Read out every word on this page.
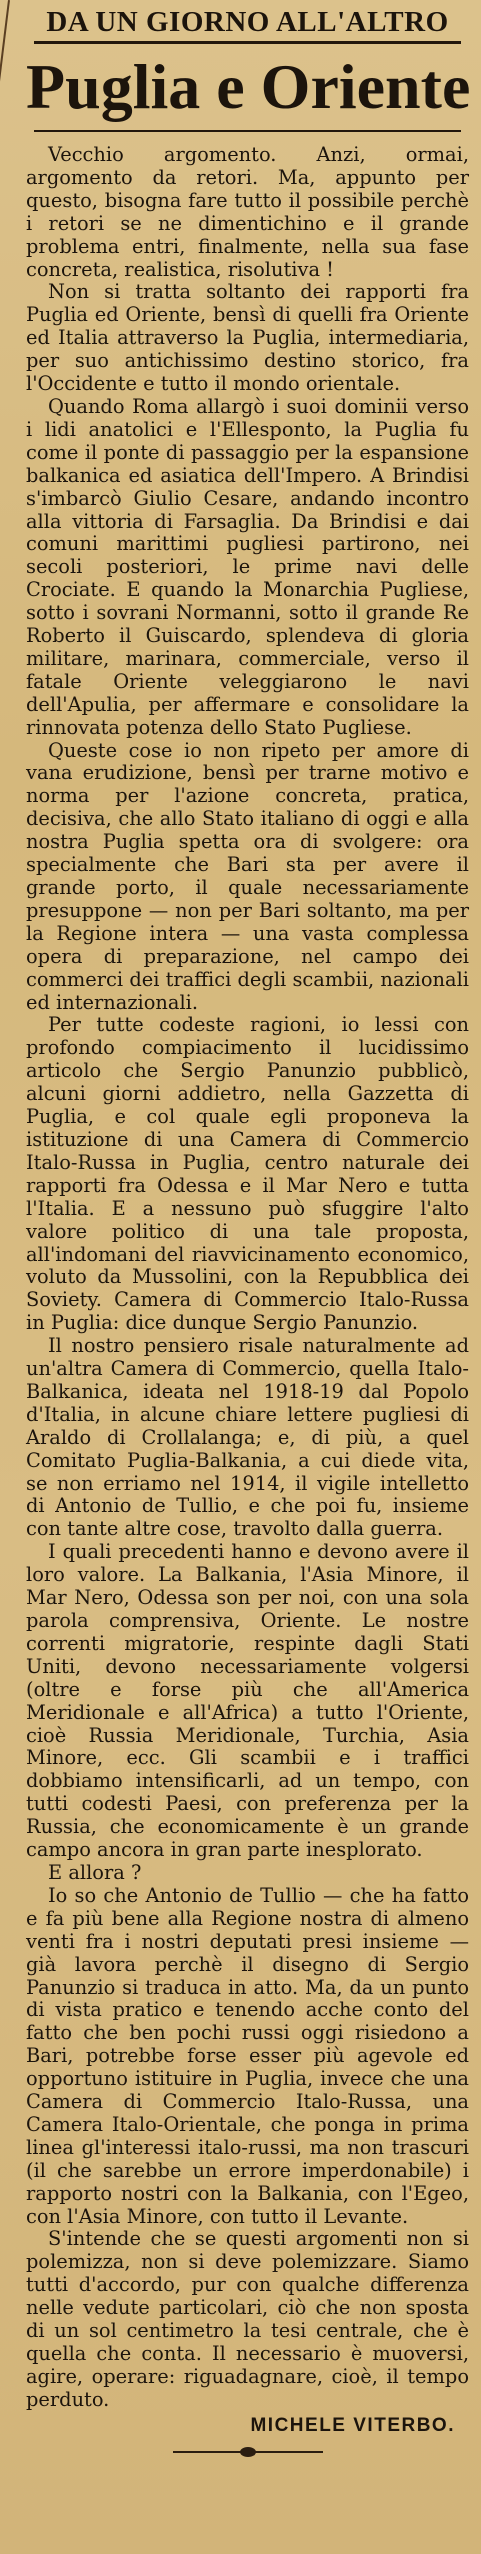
DA UN GIORNO ALL'ALTRO
Puglia e Oriente

Vecchio argomento. Anzi, ormai, argomento da retori. Ma, appunto per questo, bisogna fare tutto il possibile perchè i retori se ne dimentichino e il grande problema entri, finalmente, nella sua fase concreta, realistica, risolutiva !

Non si tratta soltanto dei rapporti fra Puglia ed Oriente, bensì di quelli fra Oriente ed Italia attraverso la Puglia, intermediaria, per suo antichissimo destino storico, fra l'Occidente e tutto il mondo orientale.

Quando Roma allargò i suoi dominii verso i lidi anatolici e l'Ellesponto, la Puglia fu come il ponte di passaggio per la espansione balkanica ed asiatica dell'Impero. A Brindisi s'imbarcò Giulio Cesare, andando incontro alla vittoria di Farsaglia. Da Brindisi e dai comuni marittimi pugliesi partirono, nei secoli posteriori, le prime navi delle Crociate. E quando la Monarchia Pugliese, sotto i sovrani Normanni, sotto il grande Re Roberto il Guiscardo, splendeva di gloria militare, marinara, commerciale, verso il fatale Oriente veleggiarono le navi dell'Apulia, per affermare e consolidare la rinnovata potenza dello Stato Pugliese.

Queste cose io non ripeto per amore di vana erudizione, bensì per trarne motivo e norma per l'azione concreta, pratica, decisiva, che allo Stato italiano di oggi e alla nostra Puglia spetta ora di svolgere: ora specialmente che Bari sta per avere il grande porto, il quale necessariamente presuppone — non per Bari soltanto, ma per la Regione intera — una vasta complessa opera di preparazione, nel campo dei commerci dei traffici degli scambii, nazionali ed internazionali.

Per tutte codeste ragioni, io lessi con profondo compiacimento il lucidissimo articolo che Sergio Panunzio pubblicò, alcuni giorni addietro, nella Gazzetta di Puglia, e col quale egli proponeva la istituzione di una Camera di Commercio Italo-Russa in Puglia, centro naturale dei rapporti fra Odessa e il Mar Nero e tutta l'Italia. E a nessuno può sfuggire l'alto valore politico di una tale proposta, all'indomani del riavvicinamento economico, voluto da Mussolini, con la Repubblica dei Soviety. Camera di Commercio Italo-Russa in Puglia: dice dunque Sergio Panunzio.

Il nostro pensiero risale naturalmente ad un'altra Camera di Commercio, quella Italo-Balkanica, ideata nel 1918-19 dal Popolo d'Italia, in alcune chiare lettere pugliesi di Araldo di Crollalanga; e, di più, a quel Comitato Puglia-Balkania, a cui diede vita, se non erriamo nel 1914, il vigile intelletto di Antonio de Tullio, e che poi fu, insieme con tante altre cose, travolto dalla guerra.

I quali precedenti hanno e devono avere il loro valore. La Balkania, l'Asia Minore, il Mar Nero, Odessa son per noi, con una sola parola comprensiva, Oriente. Le nostre correnti migratorie, respinte dagli Stati Uniti, devono necessariamente volgersi (oltre e forse più che all'America Meridionale e all'Africa) a tutto l'Oriente, cioè Russia Meridionale, Turchia, Asia Minore, ecc. Gli scambii e i traffici dobbiamo intensificarli, ad un tempo, con tutti codesti Paesi, con preferenza per la Russia, che economicamente è un grande campo ancora in gran parte inesplorato.

E allora ?

Io so che Antonio de Tullio — che ha fatto e fa più bene alla Regione nostra di almeno venti fra i nostri deputati presi insieme — già lavora perchè il disegno di Sergio Panunzio si traduca in atto. Ma, da un punto di vista pratico e tenendo acche conto del fatto che ben pochi russi oggi risiedono a Bari, potrebbe forse esser più agevole ed opportuno istituire in Puglia, invece che una Camera di Commercio Italo-Russa, una Camera Italo-Orientale, che ponga in prima linea gl'interessi italo-russi, ma non trascuri (il che sarebbe un errore imperdonabile) i rapporto nostri con la Balkania, con l'Egeo, con l'Asia Minore, con tutto il Levante.

S'intende che se questi argomenti non si polemizza, non si deve polemizzare. Siamo tutti d'accordo, pur con qualche differenza nelle vedute particolari, ciò che non sposta di un sol centimetro la tesi centrale, che è quella che conta. Il necessario è muoversi, agire, operare: riguadagnare, cioè, il tempo perduto.

MICHELE VITERBO.
